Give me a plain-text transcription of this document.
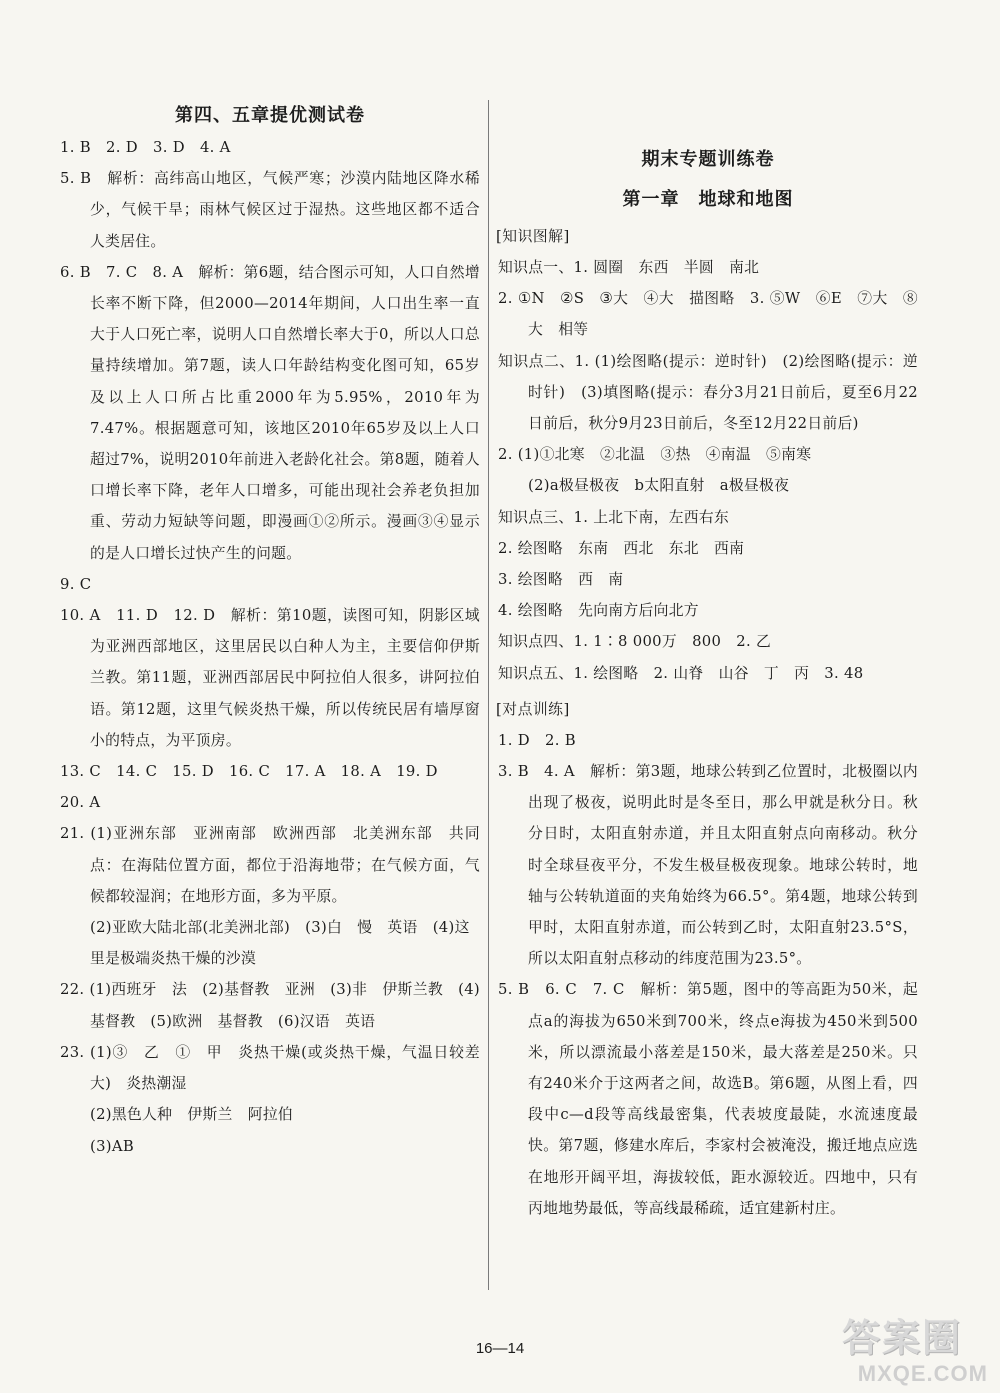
第四、五章提优测试卷

1. B　2. D　3. D　4. A

5. B　解析：高纬高山地区，气候严寒；沙漠内陆地区降水稀少，气候干旱；雨林气候区过于湿热。这些地区都不适合人类居住。

6. B　7. C　8. A　解析：第6题，结合图示可知，人口自然增长率不断下降，但2000—2014年期间，人口出生率一直大于人口死亡率，说明人口自然增长率大于0，所以人口总量持续增加。第7题，读人口年龄结构变化图可知，65岁及以上人口所占比重2000年为5.95%，2010年为7.47%。根据题意可知，该地区2010年65岁及以上人口超过7%，说明2010年前进入老龄化社会。第8题，随着人口增长率下降，老年人口增多，可能出现社会养老负担加重、劳动力短缺等问题，即漫画①②所示。漫画③④显示的是人口增长过快产生的问题。

9. C

10. A　11. D　12. D　解析：第10题，读图可知，阴影区域为亚洲西部地区，这里居民以白种人为主，主要信仰伊斯兰教。第11题，亚洲西部居民中阿拉伯人很多，讲阿拉伯语。第12题，这里气候炎热干燥，所以传统民居有墙厚窗小的特点，为平顶房。

13. C　14. C　15. D　16. C　17. A　18. A　19. D

20. A

21. (1)亚洲东部　亚洲南部　欧洲西部　北美洲东部　共同点：在海陆位置方面，都位于沿海地带；在气候方面，气候都较湿润；在地形方面，多为平原。

(2)亚欧大陆北部(北美洲北部)　(3)白　慢　英语　(4)这里是极端炎热干燥的沙漠

22. (1)西班牙　法　(2)基督教　亚洲　(3)非　伊斯兰教　(4)基督教　(5)欧洲　基督教　(6)汉语　英语

23. (1)③　乙　①　甲　炎热干燥(或炎热干燥，气温日较差大)　炎热潮湿

(2)黑色人种　伊斯兰　阿拉伯

(3)AB

期末专题训练卷
第一章　地球和地图
[知识图解]

知识点一、1. 圆圈　东西　半圆　南北

2. ①N　②S　③大　④大　描图略　3. ⑤W　⑥E　⑦大　⑧大　相等

知识点二、1. (1)绘图略(提示：逆时针)　(2)绘图略(提示：逆时针)　(3)填图略(提示：春分3月21日前后，夏至6月22日前后，秋分9月23日前后，冬至12月22日前后)

2. (1)①北寒　②北温　③热　④南温　⑤南寒

(2)a极昼极夜　b太阳直射　a极昼极夜

知识点三、1. 上北下南，左西右东

2. 绘图略　东南　西北　东北　西南

3. 绘图略　西　南

4. 绘图略　先向南方后向北方

知识点四、1. 1∶8 000万　800　2. 乙

知识点五、1. 绘图略　2. 山脊　山谷　丁　丙　3. 48

[对点训练]

1. D　2. B

3. B　4. A　解析：第3题，地球公转到乙位置时，北极圈以内出现了极夜，说明此时是冬至日，那么甲就是秋分日。秋分日时，太阳直射赤道，并且太阳直射点向南移动。秋分时全球昼夜平分，不发生极昼极夜现象。地球公转时，地轴与公转轨道面的夹角始终为66.5°。第4题，地球公转到甲时，太阳直射赤道，而公转到乙时，太阳直射23.5°S，所以太阳直射点移动的纬度范围为23.5°。

5. B　6. C　7. C　解析：第5题，图中的等高距为50米，起点a的海拔为650米到700米，终点e海拔为450米到500米，所以漂流最小落差是150米，最大落差是250米。只有240米介于这两者之间，故选B。第6题，从图上看，四段中c—d段等高线最密集，代表坡度最陡，水流速度最快。第7题，修建水库后，李家村会被淹没，搬迁地点应选在地形开阔平坦，海拔较低，距水源较近。四地中，只有丙地地势最低，等高线最稀疏，适宜建新村庄。

16—14	答案圈
MXQE.COM
